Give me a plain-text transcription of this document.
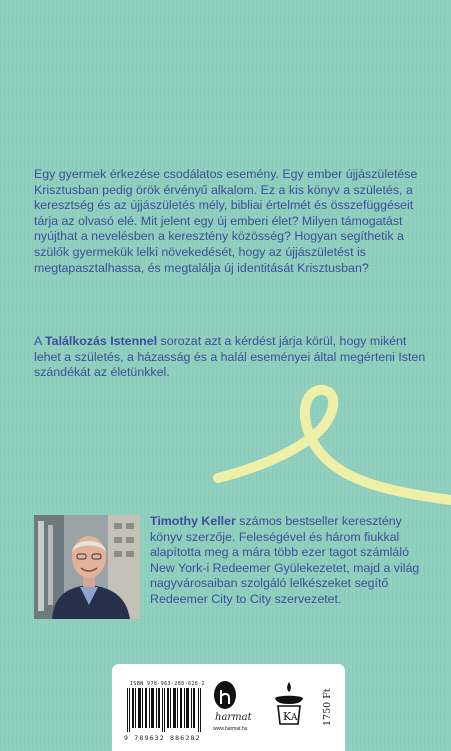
Egy gyermek érkezése csodálatos esemény. Egy ember újjászületése Krisztusban pedig örök érvényű alkalom. Ez a kis könyv a születés, a keresztség és az újjászületés mély, bibliai értelmét és összefüggéseit tárja az olvasó elé. Mit jelent egy új emberi élet? Milyen támogatást nyújthat a nevelésben a keresztény közösség? Hogyan segíthetik a szülők gyermekük lelki növekedését, hogy az újjászületést is megtapasztalhassa, és megtalálja új identitását Krisztusban?

A Találkozás Istennel sorozat azt a kérdést járja körül, hogy miként lehet a születés, a házasság és a halál eseményei által megérteni Isten szándékát az életünkkel.

Timothy Keller számos bestseller keresztény könyv szerzője. Feleségével és három fiukkal alapította meg a mára több ezer tagot számláló New York-i Redeemer Gyülekezetet, majd a világ nagyvárosaiban szolgáló lelkészeket segítő Redeemer City to City szervezetet.

ISBN 978-963-288-628-2
9 789632 886282
harmat
www.harmat.hu
K A	1750 Ft
